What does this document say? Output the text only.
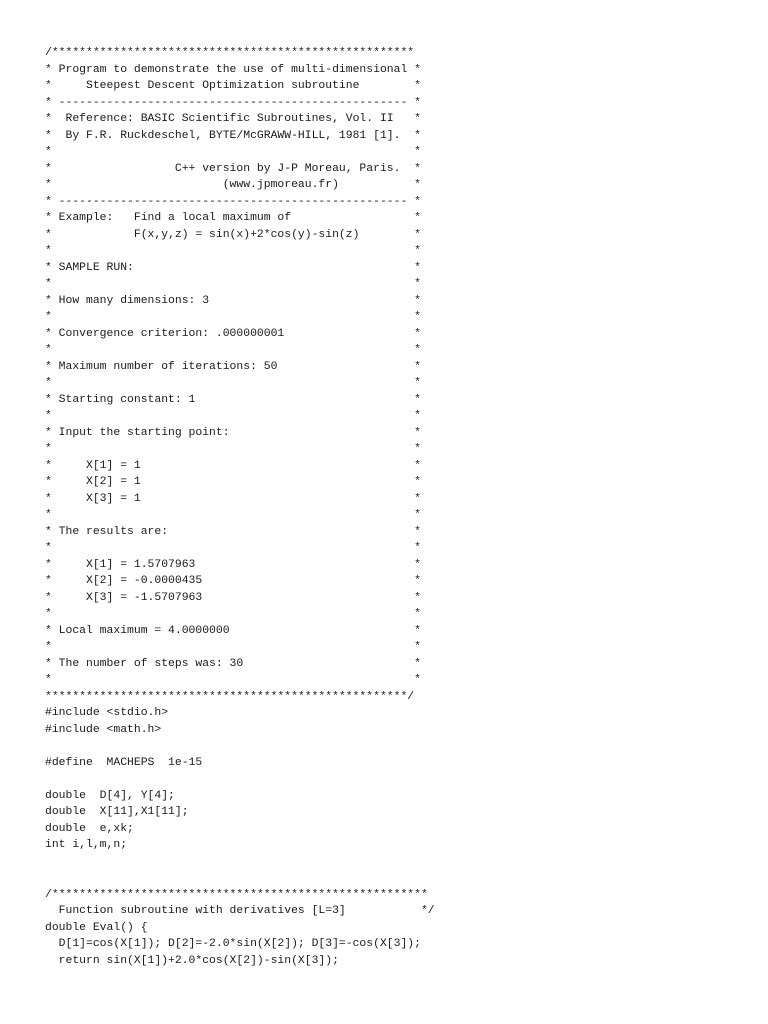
/*****************************************************
* Program to demonstrate the use of multi-dimensional *
*     Steepest Descent Optimization subroutine        *
* --------------------------------------------------- *
*  Reference: BASIC Scientific Subroutines, Vol. II   *
*  By F.R. Ruckdeschel, BYTE/McGRAWW-HILL, 1981 [1].  *
*                                                     *
*                  C++ version by J-P Moreau, Paris.  *
*                         (www.jpmoreau.fr)           *
* --------------------------------------------------- *
* Example:   Find a local maximum of                  *
*            F(x,y,z) = sin(x)+2*cos(y)-sin(z)        *
*                                                     *
* SAMPLE RUN:                                         *
*                                                     *
* How many dimensions: 3                              *
*                                                     *
* Convergence criterion: .000000001                   *
*                                                     *
* Maximum number of iterations: 50                    *
*                                                     *
* Starting constant: 1                                *
*                                                     *
* Input the starting point:                           *
*                                                     *
*     X[1] = 1                                        *
*     X[2] = 1                                        *
*     X[3] = 1                                        *
*                                                     *
* The results are:                                    *
*                                                     *
*     X[1] = 1.5707963                                *
*     X[2] = -0.0000435                               *
*     X[3] = -1.5707963                               *
*                                                     *
* Local maximum = 4.0000000                           *
*                                                     *
* The number of steps was: 30                         *
*                                                     *
*****************************************************/
#include <stdio.h>
#include <math.h>
#define  MACHEPS  1e-15
double  D[4], Y[4];
double  X[11],X1[11];
double  e,xk;
int i,l,m,n;
/*******************************************************
Function subroutine with derivatives [L=3]           */
double Eval() {
D[1]=cos(X[1]); D[2]=-2.0*sin(X[2]); D[3]=-cos(X[3]);
return sin(X[1])+2.0*cos(X[2])-sin(X[3]);
